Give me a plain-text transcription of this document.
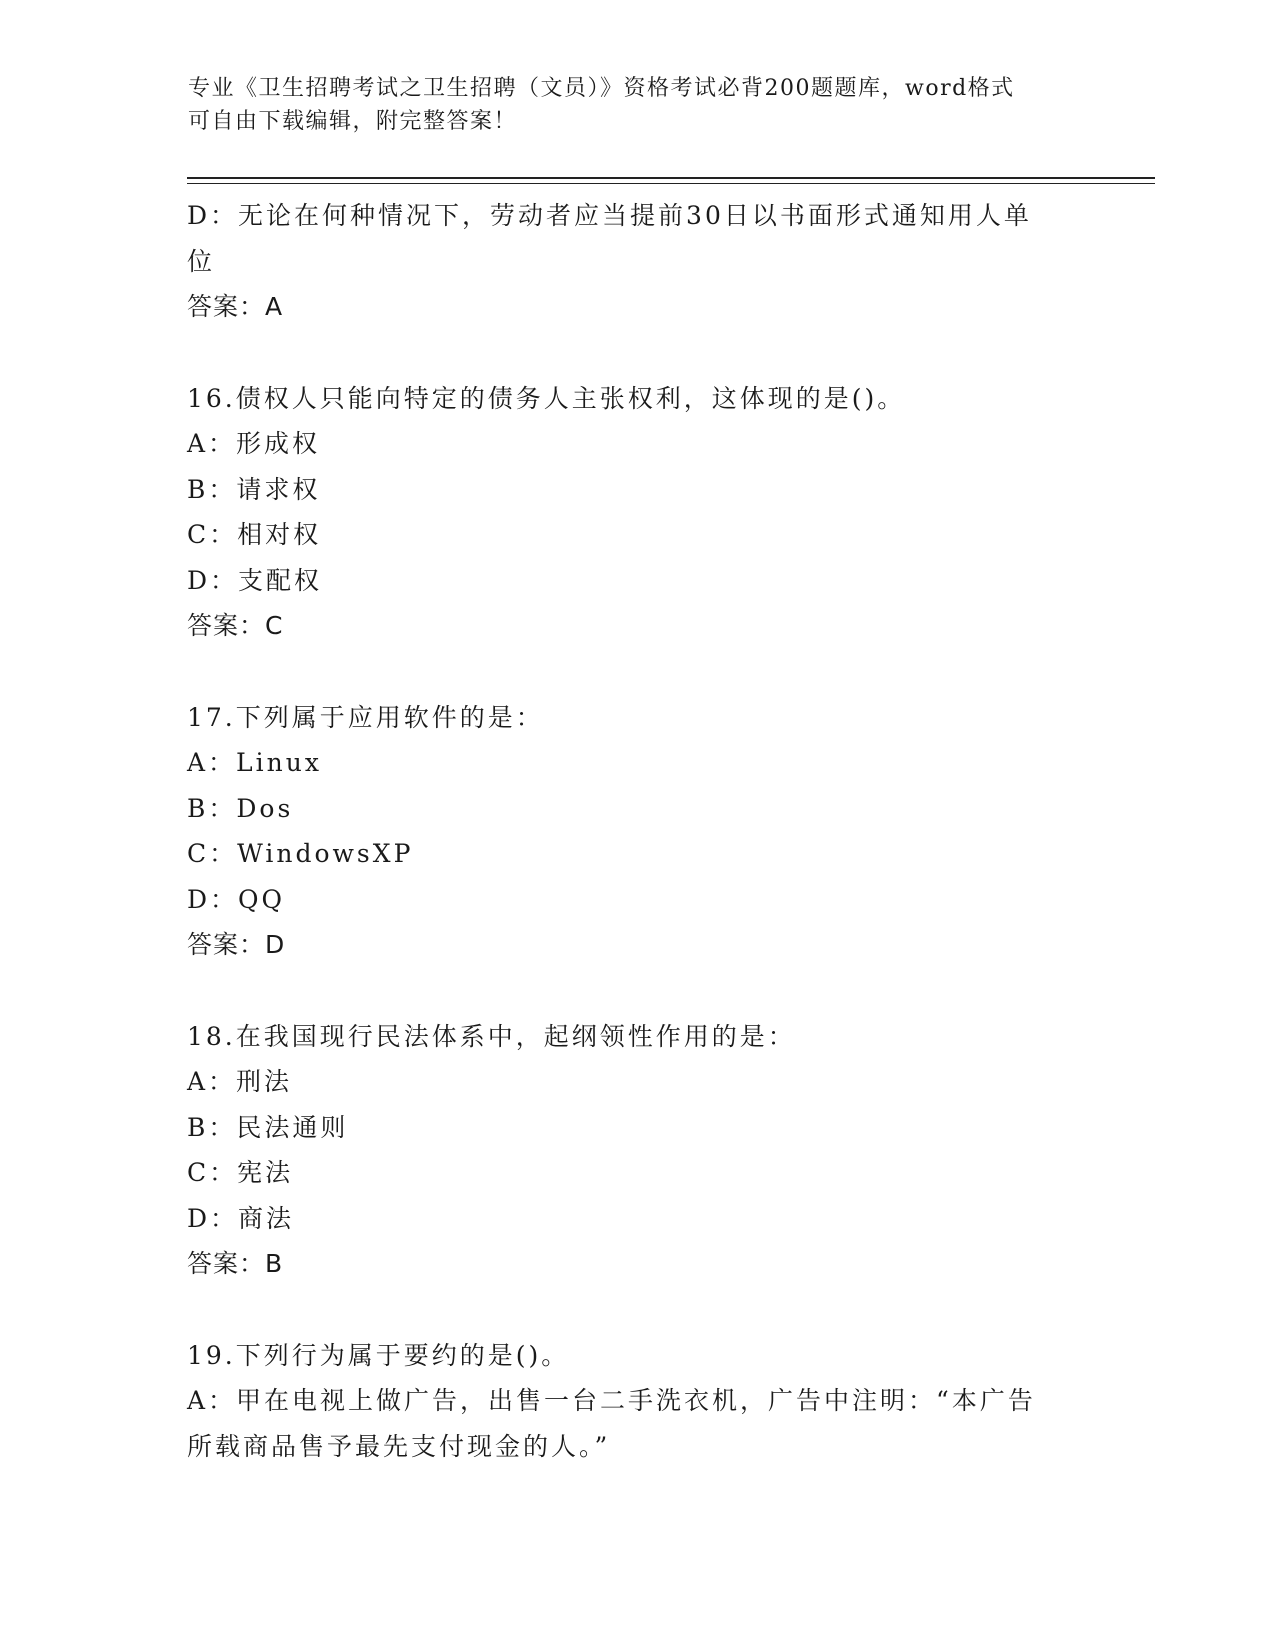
专业《卫生招聘考试之卫生招聘（文员）》资格考试必背200题题库，word格式
可自由下载编辑，附完整答案！
D：无论在何种情况下，劳动者应当提前30日以书面形式通知用人单
位
答案：A
16.债权人只能向特定的债务人主张权利，这体现的是()。
A：形成权
B：请求权
C：相对权
D：支配权
答案：C
17.下列属于应用软件的是：
A：Linux
B：Dos
C：WindowsXP
D：QQ
答案：D
18.在我国现行民法体系中，起纲领性作用的是：
A：刑法
B：民法通则
C：宪法
D：商法
答案：B
19.下列行为属于要约的是()。
A：甲在电视上做广告，出售一台二手洗衣机，广告中注明：“本广告
所载商品售予最先支付现金的人。”
